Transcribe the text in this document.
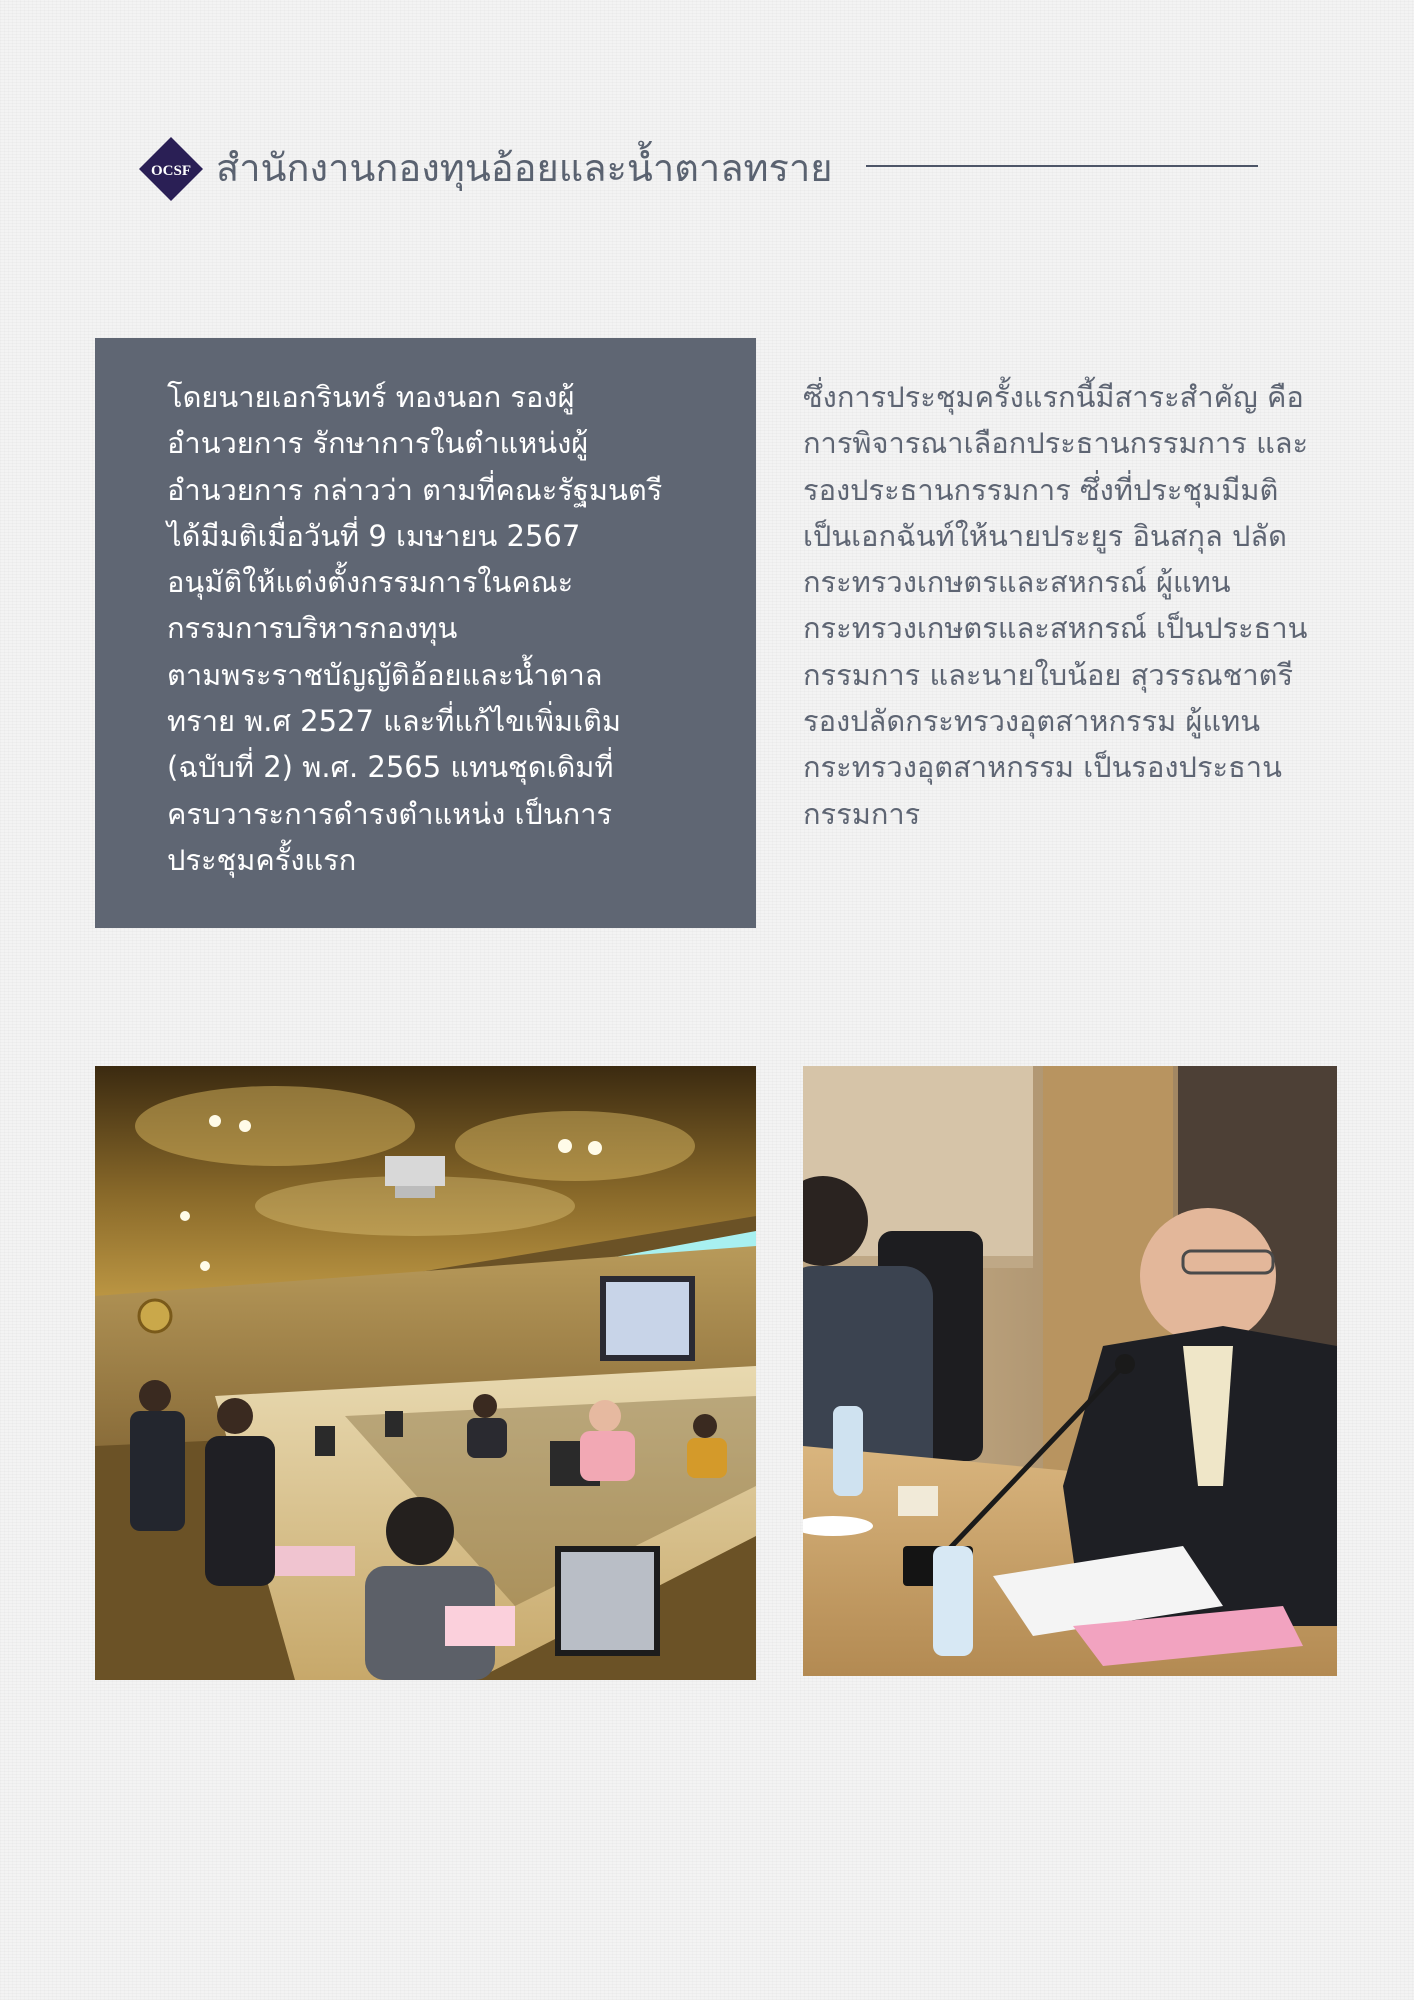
OCSF สำนักงานกองทุนอ้อยและน้ำตาลทราย

โดยนายเอกรินทร์ ทองนอก รองผู้
อำนวยการ รักษาการในตำแหน่งผู้
อำนวยการ กล่าวว่า ตามที่คณะรัฐมนตรี
ได้มีมติเมื่อวันที่ 9 เมษายน 2567
อนุมัติให้แต่งตั้งกรรมการในคณะ
กรรมการบริหารกองทุน
ตามพระราชบัญญัติอ้อยและน้ำตาล
ทราย พ.ศ 2527 และที่แก้ไขเพิ่มเติม
(ฉบับที่ 2) พ.ศ. 2565 แทนชุดเดิมที่
ครบวาระการดำรงตำแหน่ง เป็นการ
ประชุมครั้งแรก

ซึ่งการประชุมครั้งแรกนี้มีสาระสำคัญ คือ
การพิจารณาเลือกประธานกรรมการ และ
รองประธานกรรมการ ซึ่งที่ประชุมมีมติ
เป็นเอกฉันท์ให้นายประยูร อินสกุล ปลัด
กระทรวงเกษตรและสหกรณ์ ผู้แทน
กระทรวงเกษตรและสหกรณ์ เป็นประธาน
กรรมการ และนายใบน้อย สุวรรณชาตรี
รองปลัดกระทรวงอุตสาหกรรม ผู้แทน
กระทรวงอุตสาหกรรม เป็นรองประธาน
กรรมการ
